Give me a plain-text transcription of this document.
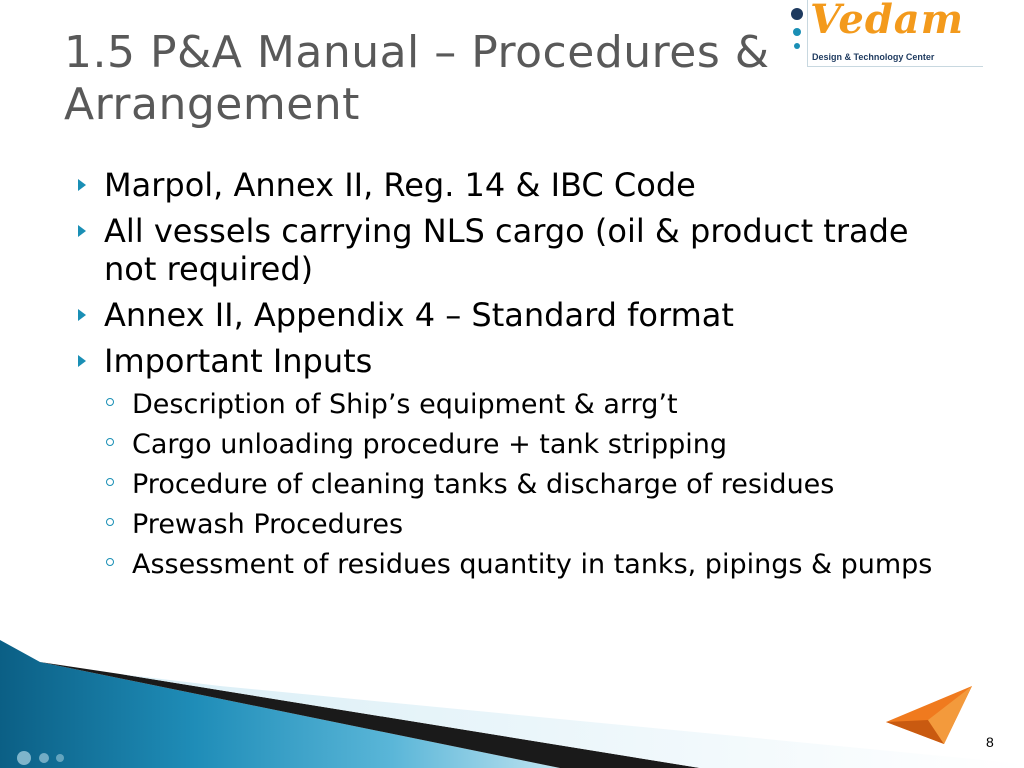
1.5 P&A Manual – Procedures & Arrangement
Vedam
Design & Technology Center
Marpol, Annex II, Reg. 14 & IBC Code
All vessels carrying NLS cargo (oil & product trade not required)
Annex II, Appendix 4 – Standard format
Important Inputs
Description of Ship’s equipment & arrg’t
Cargo unloading procedure + tank stripping
Procedure of cleaning tanks & discharge of residues
Prewash Procedures
Assessment of residues quantity in tanks, pipings & pumps
8
